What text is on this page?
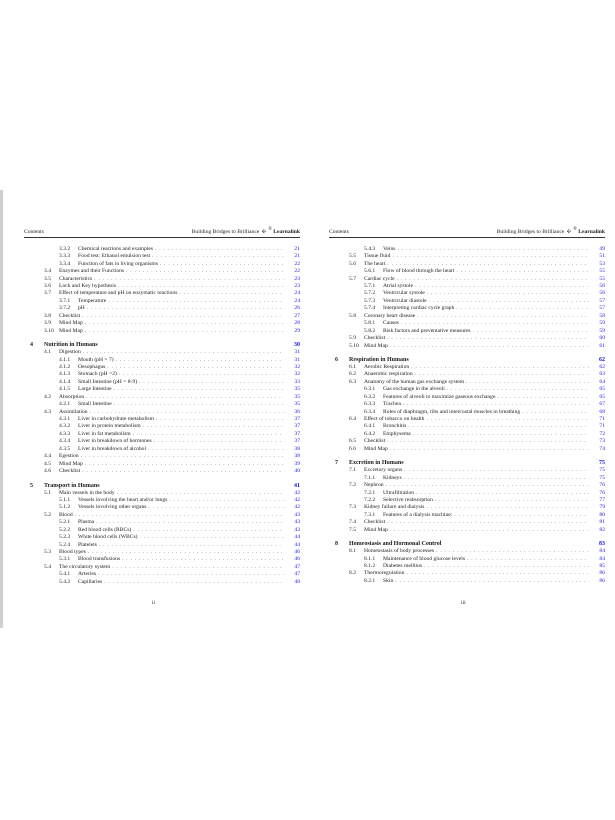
Contents	Building Bridges to Brilliance ✣ ® Learnalink
3.3.2	Chemical reactions and examples . . .	21
3.3.3	Food test: Ethanol emulsion test . . .	21
3.3.4	Function of fats in living organisms . . .	22
3.4	Enzymes and their Functions . . .	22
3.5	Characteristics . . .	23
3.6	Lock and Key hypothesis . . .	23
3.7	Effect of temperature and pH on enzymatic reactions . . .	24
3.7.1	Temperature . . .	24
3.7.2	pH . . .	26
3.8	Checklist . . .	27
3.9	Mind Map . . .	28
3.10 Mind Map . . .	29
4	Nutrition in Humans	30
4.1	Digestion . . .	31
4.1.1	Mouth (pH = 7) . . .	31
4.1.2	Oesophagus . . .	32
4.1.3	Stomach (pH =2) . . .	32
4.1.4	Small Intestine (pH = 8-9) . . .	33
4.1.5	Large Intestine . . .	35
4.2	Absorption . . .	35
4.2.1	Small Intestine . . .	35
4.3	Assimilation . . .	36
4.3.1	Liver in carbohydrate metabolism . . .	37
4.3.2	Liver in protein metabolism . . .	37
4.3.3	Liver in fat metabolism . . .	37
4.3.4	Liver in breakdown of hormones . . .	37
4.3.5	Liver in breakdown of alcohol . . .	38
4.4	Egestion . . .	38
4.5	Mind Map . . .	39
4.6	Checklist . . .	40
5	Transport in Humans	41
5.1	Main vessels in the body . . .	42
5.1.1	Vessels involving the heart and/or lungs . . .	42
5.1.2	Vessels involving other organs . . .	42
5.2	Blood . . .	43
5.2.1	Plasma . . .	43
5.2.2	Red blood cells (RBCs) . . .	43
5.2.3	White blood cells (WBCs) . . .	44
5.2.4	Platelets . . .	44
5.3	Blood types . . .	46
5.3.1	Blood transfusions . . .	46
5.4	The circulatory system . . .	47
5.4.1	Arteries . . .	47
5.4.2	Capillaries . . .	48
Contents	Building Bridges to Brilliance ✣ ® Learnalink
5.4.3	Veins . . .	49
5.5	Tissue fluid . . .	51
5.6	The heart . . .	53
5.6.1	Flow of blood through the heart . . .	55
5.7	Cardiac cycle . . .	55
5.7.1	Atrial systole . . .	56
5.7.2	Ventricular systole . . .	56
5.7.3	Ventricular diastole . . .	57
5.7.4	Interpreting cardiac cycle graph . . .	57
5.8	Coronary heart disease . . .	58
5.8.1	Causes . . .	59
5.8.2	Risk factors and preventative measures . . .	59
5.9	Checklist . . .	60
5.10 Mind Map . . .	61
6	Respiration in Humans	62
6.1	Aerobic Respiration . . .	62
6.2	Anaerobic respiration . . .	63
6.3	Anatomy of the human gas exchange system . . .	64
6.3.1	Gas exchange in the alveoli . . .	65
6.3.2	Features of alveoli to maximize gaseous exchange . . .	65
6.3.3	Trachea . . .	67
6.3.4	Roles of diaphragm, ribs and intercostal muscles in breathing . . .	68
6.4	Effect of tobacco on health . . .	71
6.4.1	Bronchitis . . .	71
6.4.2	Emphysema . . .	72
6.5	Checklist . . .	73
6.6	Mind Map . . .	74
7	Excretion in Humans	75
7.1	Excretory organs . . .	75
7.1.1	Kidneys . . .	75
7.2	Nephron . . .	76
7.2.1	Ultrafiltration . . .	76
7.2.2	Selective reabsorption . . .	77
7.3	Kidney failure and dialysis . . .	79
7.3.1	Features of a dialysis machine: . . .	80
7.4	Checklist . . .	81
7.5	Mind Map . . .	82
8	Homeostasis and Hormonal Control	83
8.1	Homeostasis of body processes . . .	84
8.1.1	Maintenance of blood glucose levels . . .	84
8.1.2	Diabetes mellitus . . .	85
8.2	Thermoregulation . . .	86
8.2.1	Skin . . .	86
ii	iii
